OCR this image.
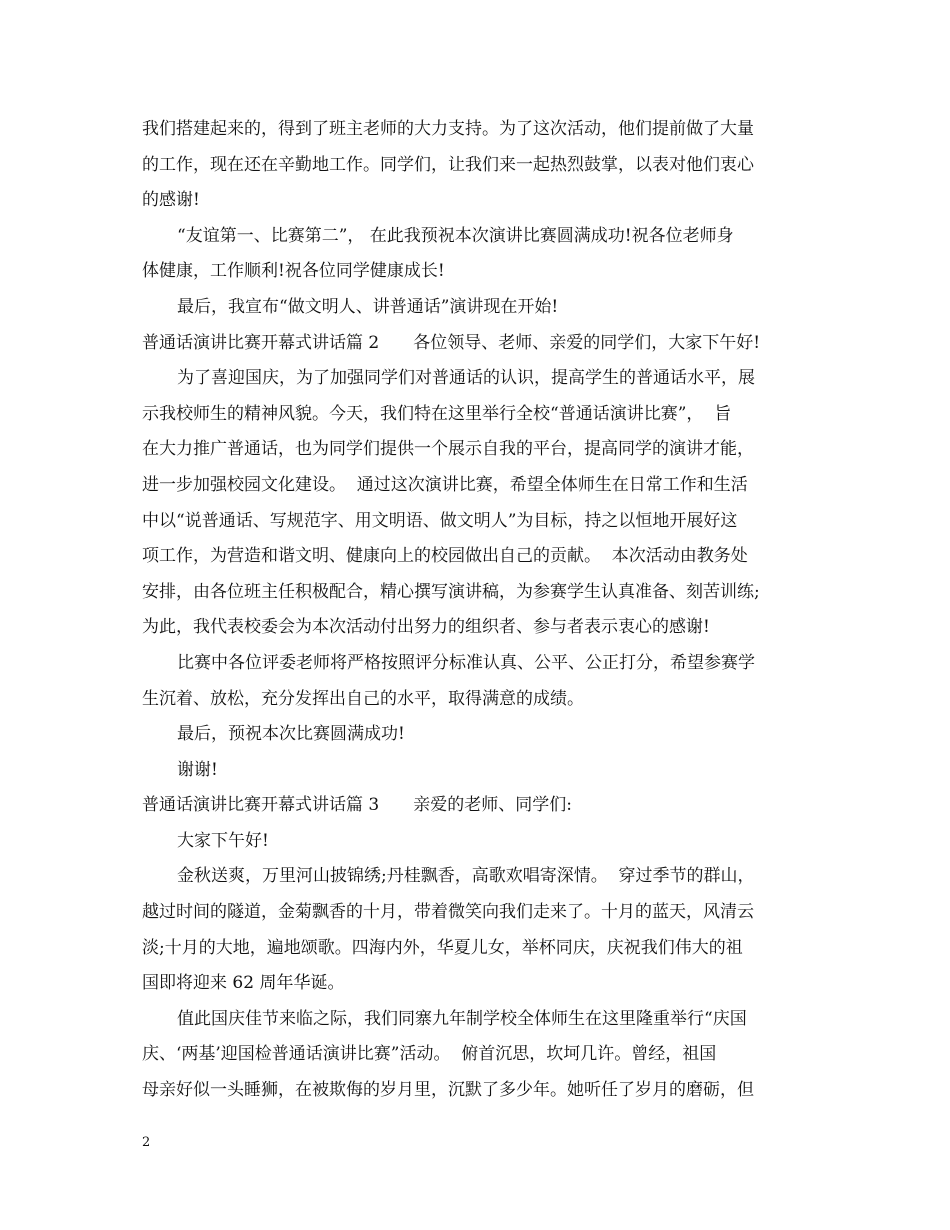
我们搭建起来的，得到了班主老师的大力支持。为了这次活动，他们提前做了大量
的工作，现在还在辛勤地工作。同学们，让我们来一起热烈鼓掌，以表对他们衷心
的感谢!
“友谊第一、比赛第二”， 在此我预祝本次演讲比赛圆满成功!祝各位老师身
体健康，工作顺利!祝各位同学健康成长!
最后，我宣布“做文明人、讲普通话”演讲现在开始!
普通话演讲比赛开幕式讲话篇 2　　各位领导、老师、亲爱的同学们，大家下午好!
为了喜迎国庆，为了加强同学们对普通话的认识，提高学生的普通话水平，展
示我校师生的精神风貌。今天，我们特在这里举行全校“普通话演讲比赛”，  旨
在大力推广普通话，也为同学们提供一个展示自我的平台，提高同学的演讲才能，
进一步加强校园文化建设。  通过这次演讲比赛，希望全体师生在日常工作和生活
中以“说普通话、写规范字、用文明语、做文明人”为目标，持之以恒地开展好这
项工作，为营造和谐文明、健康向上的校园做出自己的贡献。  本次活动由教务处
安排，由各位班主任积极配合，精心撰写演讲稿，为参赛学生认真准备、刻苦训练;
为此，我代表校委会为本次活动付出努力的组织者、参与者表示衷心的感谢!
比赛中各位评委老师将严格按照评分标准认真、公平、公正打分，希望参赛学
生沉着、放松，充分发挥出自己的水平，取得满意的成绩。
最后，预祝本次比赛圆满成功!
谢谢!
普通话演讲比赛开幕式讲话篇 3　　亲爱的老师、同学们:
大家下午好!
金秋送爽，万里河山披锦绣;丹桂飘香，高歌欢唱寄深情。  穿过季节的群山，
越过时间的隧道，金菊飘香的十月，带着微笑向我们走来了。十月的蓝天，风清云
淡;十月的大地，遍地颂歌。四海内外，华夏儿女，举杯同庆，庆祝我们伟大的祖
国即将迎来 62 周年华诞。
值此国庆佳节来临之际，我们同寨九年制学校全体师生在这里隆重举行“庆国
庆、‘两基’迎国检普通话演讲比赛”活动。  俯首沉思，坎坷几许。曾经，祖国
母亲好似一头睡狮，在被欺侮的岁月里，沉默了多少年。她听任了岁月的磨砺，但
2
